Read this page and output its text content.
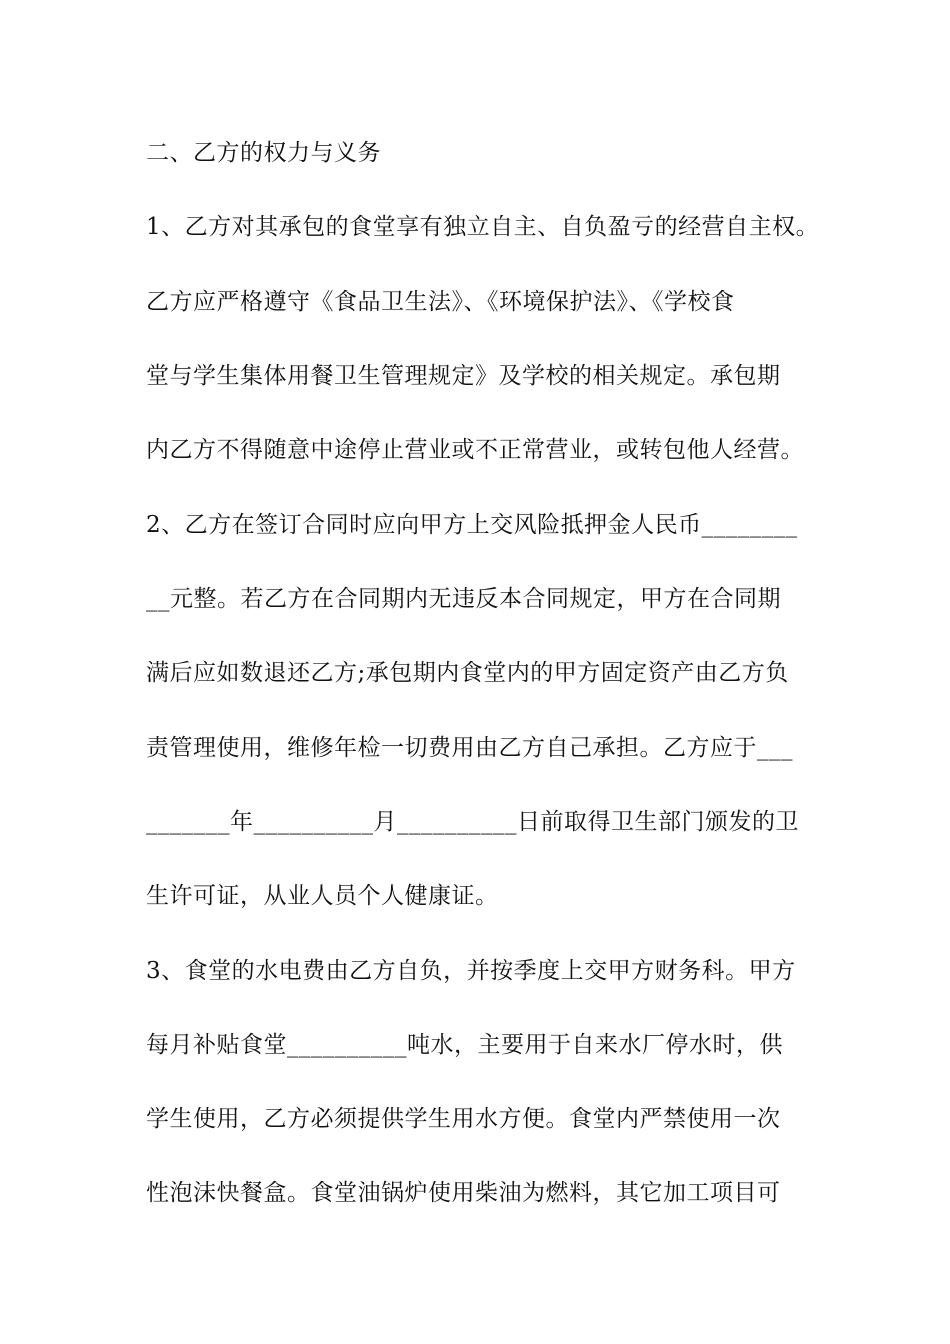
二、乙方的权力与义务
1、乙方对其承包的食堂享有独立自主、自负盈亏的经营自主权。
乙方应严格遵守《食品卫生法》、《环境保护法》、《学校食
堂与学生集体用餐卫生管理规定》及学校的相关规定。承包期
内乙方不得随意中途停止营业或不正常营业，或转包他人经营。
2、乙方在签订合同时应向甲方上交风险抵押金人民币________
__元整。若乙方在合同期内无违反本合同规定，甲方在合同期
满后应如数退还乙方;承包期内食堂内的甲方固定资产由乙方负
责管理使用，维修年检一切费用由乙方自己承担。乙方应于___
_______年__________月__________日前取得卫生部门颁发的卫
生许可证，从业人员个人健康证。
3、食堂的水电费由乙方自负，并按季度上交甲方财务科。甲方
每月补贴食堂__________吨水，主要用于自来水厂停水时，供
学生使用，乙方必须提供学生用水方便。食堂内严禁使用一次
性泡沫快餐盒。食堂油锅炉使用柴油为燃料，其它加工项目可
